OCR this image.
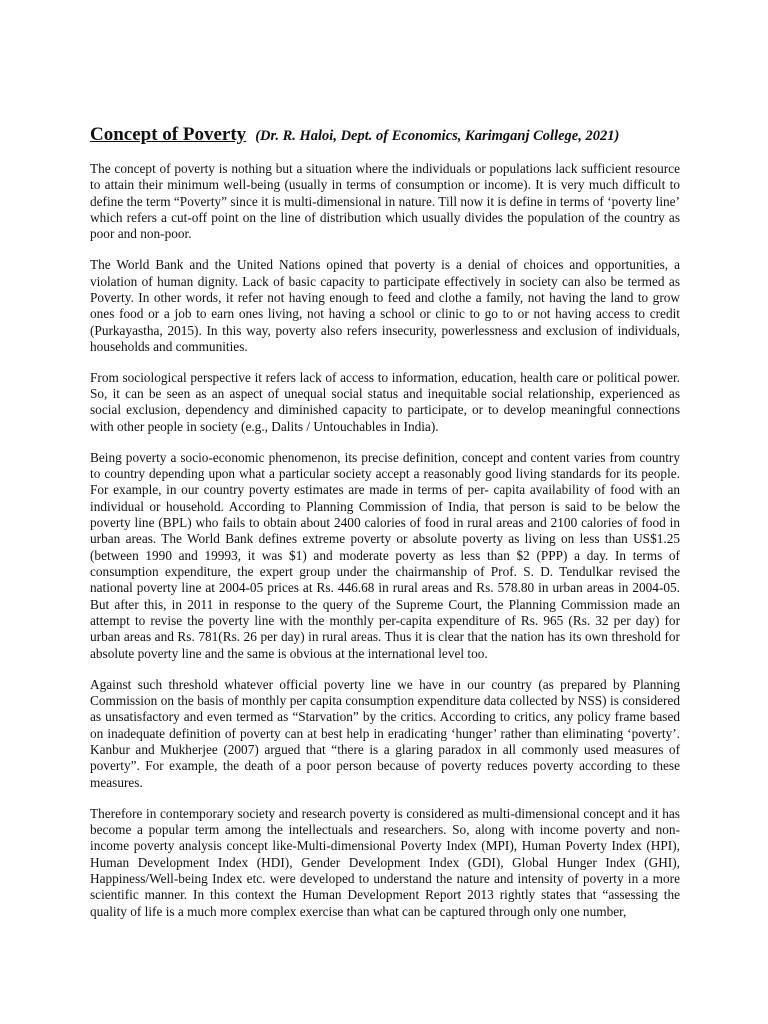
Concept of Poverty (Dr. R. Haloi, Dept. of Economics, Karimganj College, 2021)

The concept of poverty is nothing but a situation where the individuals or populations lack sufficient resource to attain their minimum well-being (usually in terms of consumption or income). It is very much difficult to define the term “Poverty” since it is multi-dimensional in nature. Till now it is define in terms of ‘poverty line’ which refers a cut-off point on the line of distribution which usually divides the population of the country as poor and non-poor.

The World Bank and the United Nations opined that poverty is a denial of choices and opportunities, a violation of human dignity. Lack of basic capacity to participate effectively in society can also be termed as Poverty. In other words, it refer not having enough to feed and clothe a family, not having the land to grow ones food or a job to earn ones living, not having a school or clinic to go to or not having access to credit (Purkayastha, 2015). In this way, poverty also refers insecurity, powerlessness and exclusion of individuals, households and communities.

From sociological perspective it refers lack of access to information, education, health care or political power. So, it can be seen as an aspect of unequal social status and inequitable social relationship, experienced as social exclusion, dependency and diminished capacity to participate, or to develop meaningful connections with other people in society (e.g., Dalits / Untouchables in India).

Being poverty a socio-economic phenomenon, its precise definition, concept and content varies from country to country depending upon what a particular society accept a reasonably good living standards for its people. For example, in our country poverty estimates are made in terms of per- capita availability of food with an individual or household. According to Planning Commission of India, that person is said to be below the poverty line (BPL) who fails to obtain about 2400 calories of food in rural areas and 2100 calories of food in urban areas. The World Bank defines extreme poverty or absolute poverty as living on less than US$1.25 (between 1990 and 19993, it was $1) and moderate poverty as less than $2 (PPP) a day. In terms of consumption expenditure, the expert group under the chairmanship of Prof. S. D. Tendulkar revised the national poverty line at 2004-05 prices at Rs. 446.68 in rural areas and Rs. 578.80 in urban areas in 2004-05. But after this, in 2011 in response to the query of the Supreme Court, the Planning Commission made an attempt to revise the poverty line with the monthly per-capita expenditure of Rs. 965 (Rs. 32 per day) for urban areas and Rs. 781(Rs. 26 per day) in rural areas. Thus it is clear that the nation has its own threshold for absolute poverty line and the same is obvious at the international level too.

Against such threshold whatever official poverty line we have in our country (as prepared by Planning Commission on the basis of monthly per capita consumption expenditure data collected by NSS) is considered as unsatisfactory and even termed as “Starvation” by the critics. According to critics, any policy frame based on inadequate definition of poverty can at best help in eradicating ‘hunger’ rather than eliminating ‘poverty’. Kanbur and Mukherjee (2007) argued that “there is a glaring paradox in all commonly used measures of poverty”. For example, the death of a poor person because of poverty reduces poverty according to these measures.

Therefore in contemporary society and research poverty is considered as multi-dimensional concept and it has become a popular term among the intellectuals and researchers. So, along with income poverty and non-income poverty analysis concept like-Multi-dimensional Poverty Index (MPI), Human Poverty Index (HPI), Human Development Index (HDI), Gender Development Index (GDI), Global Hunger Index (GHI), Happiness/Well-being Index etc. were developed to understand the nature and intensity of poverty in a more scientific manner. In this context the Human Development Report 2013 rightly states that “assessing the quality of life is a much more complex exercise than what can be captured through only one number,
